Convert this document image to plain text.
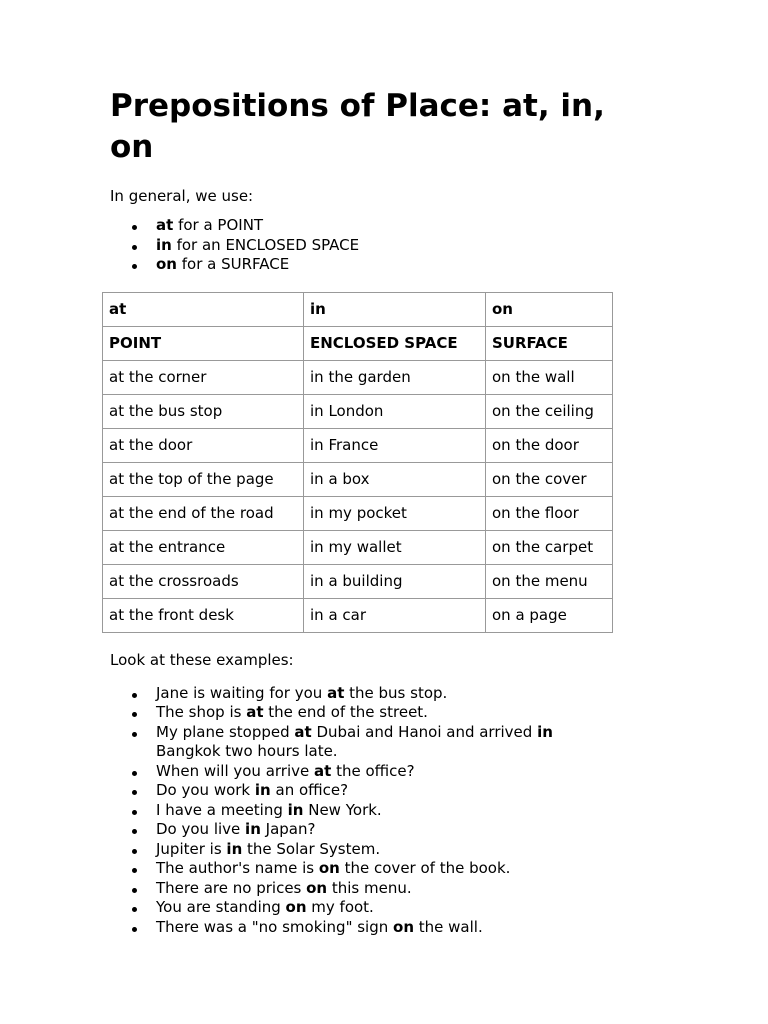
Prepositions of Place: at, in, on

In general, we use:

at for a POINT
in for an ENCLOSED SPACE
on for a SURFACE
at	in	on
POINT	ENCLOSED SPACE	SURFACE
at the corner	in the garden	on the wall
at the bus stop	in London	on the ceiling
at the door	in France	on the door
at the top of the page	in a box	on the cover
at the end of the road	in my pocket	on the floor
at the entrance	in my wallet	on the carpet
at the crossroads	in a building	on the menu
at the front desk	in a car	on a page

Look at these examples:

Jane is waiting for you at the bus stop.
The shop is at the end of the street.
My plane stopped at Dubai and Hanoi and arrived in Bangkok two hours late.
When will you arrive at the office?
Do you work in an office?
I have a meeting in New York.
Do you live in Japan?
Jupiter is in the Solar System.
The author's name is on the cover of the book.
There are no prices on this menu.
You are standing on my foot.
There was a "no smoking" sign on the wall.
